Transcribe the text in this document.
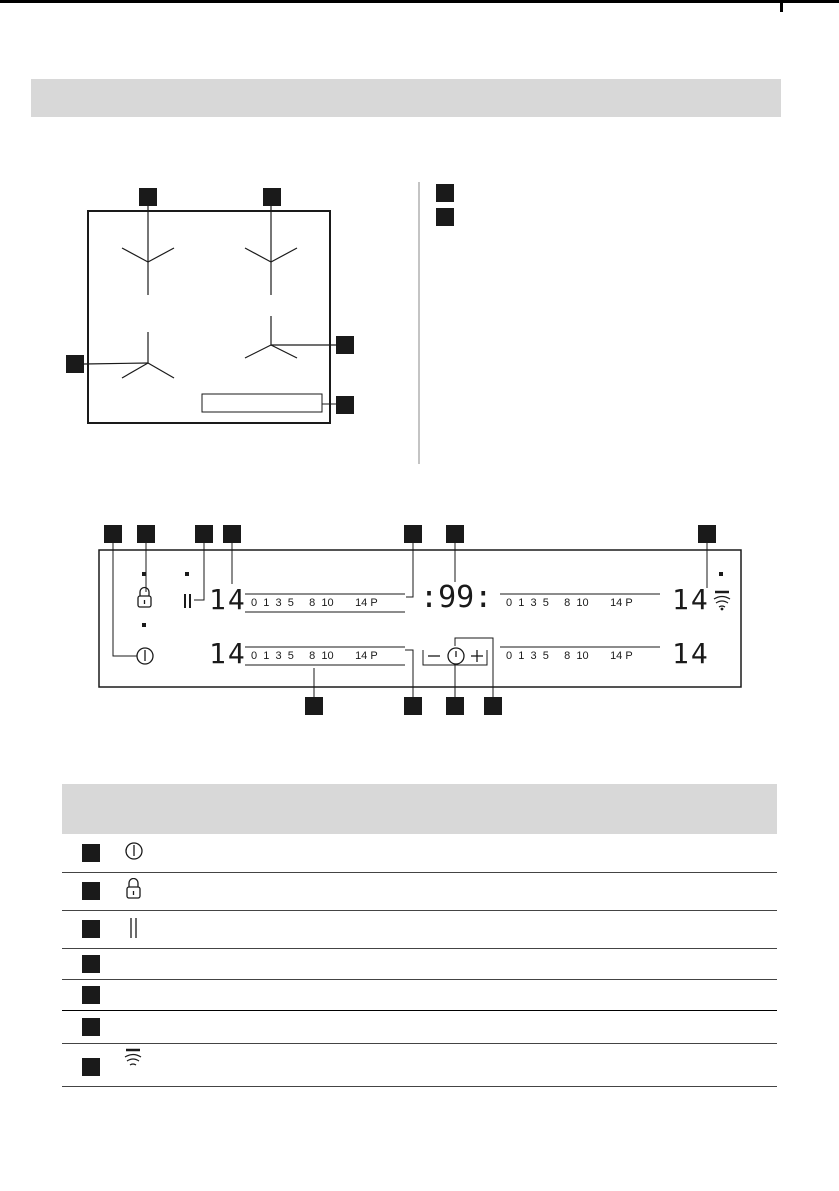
14
14
14
14
:99:
0 1 3 5 8 10 14 P
0 1 3 5 8 10 14 P
0 1 3 5 8 10 14 P
0 1 3 5 8 10 14 P
